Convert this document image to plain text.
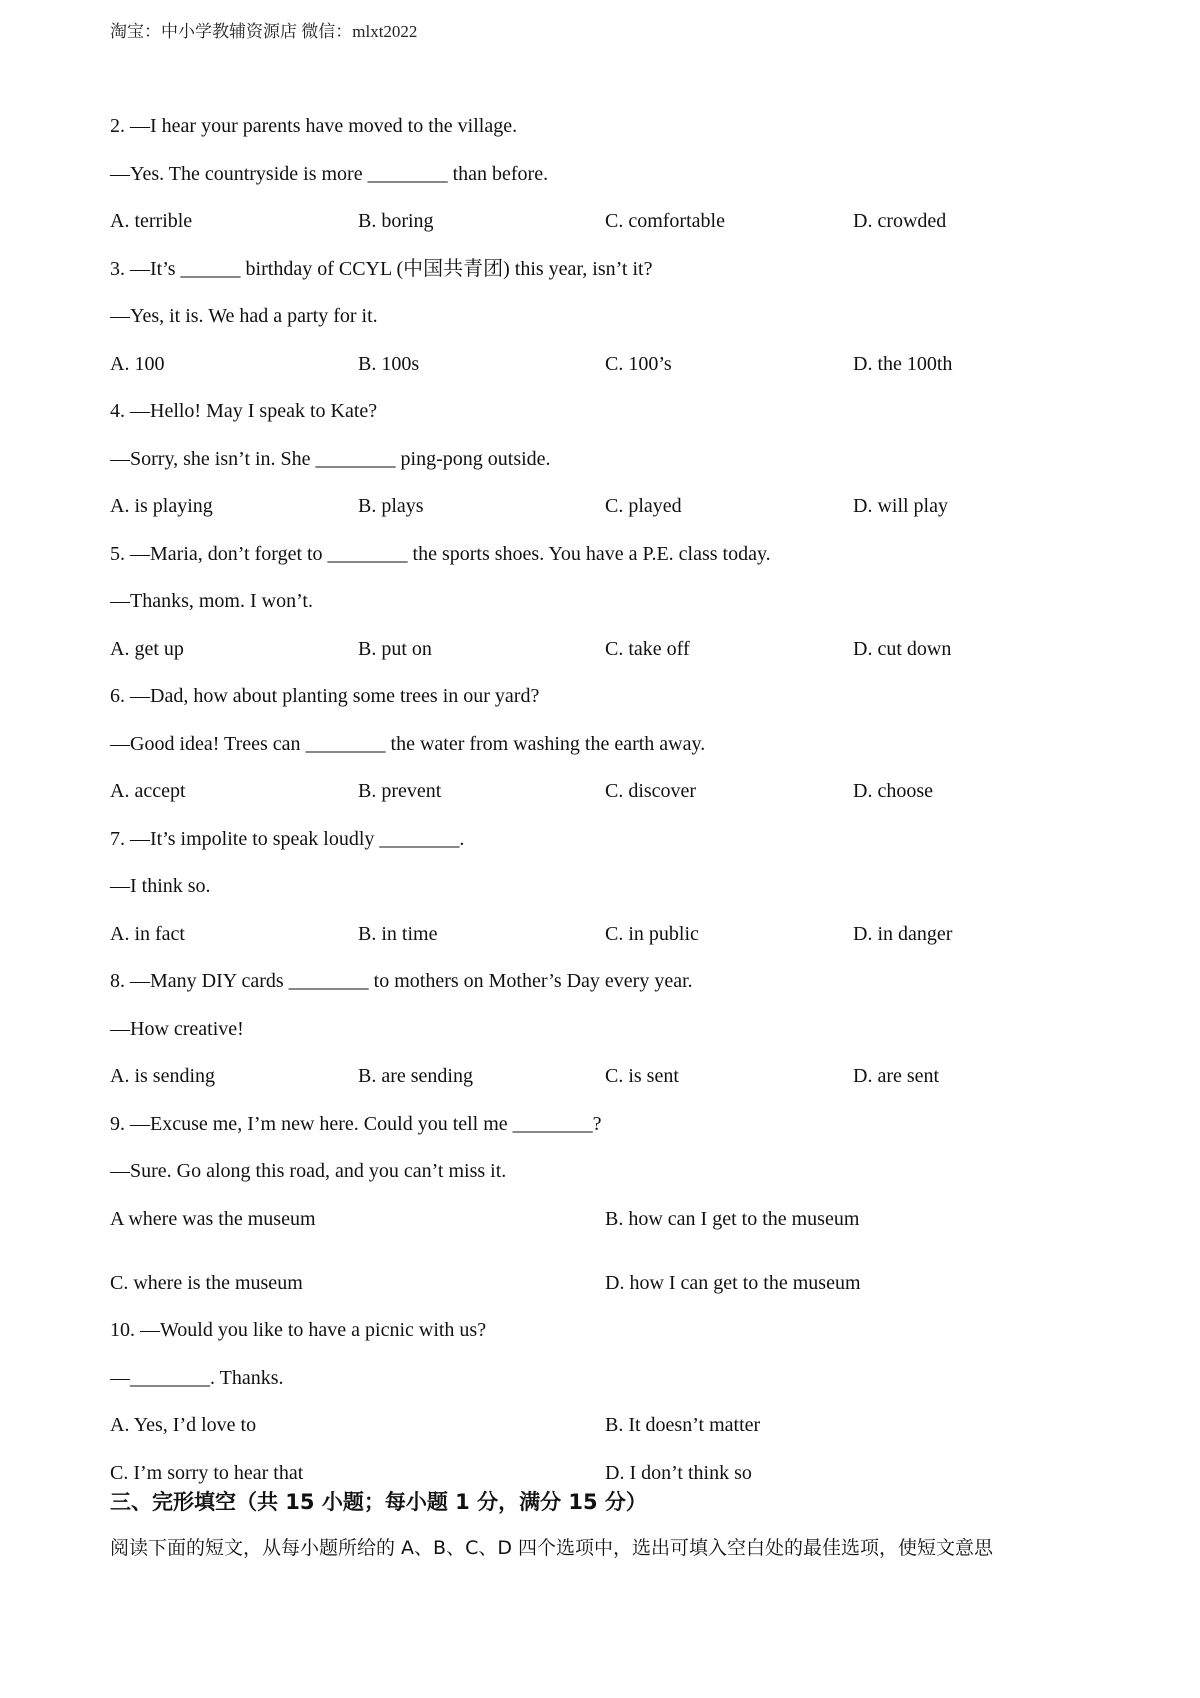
淘宝：中小学教辅资源店 微信：mlxt2022
2. —I hear your parents have moved to the village.
—Yes. The countryside is more ________ than before.
A. terrible	B. boring	C. comfortable	D. crowded
3. —It’s ______ birthday of CCYL (中国共青团) this year, isn’t it?
—Yes, it is. We had a party for it.
A. 100	B. 100s	C. 100’s	D. the 100th
4. —Hello! May I speak to Kate?
—Sorry, she isn’t in. She ________ ping-pong outside.
A. is playing	B. plays	C. played	D. will play
5. —Maria, don’t forget to ________ the sports shoes. You have a P.E. class today.
—Thanks, mom. I won’t.
A. get up	B. put on	C. take off	D. cut down
6. —Dad, how about planting some trees in our yard?
—Good idea! Trees can ________ the water from washing the earth away.
A. accept	B. prevent	C. discover	D. choose
7. —It’s impolite to speak loudly ________.
—I think so.
A. in fact	B. in time	C. in public	D. in danger
8. —Many DIY cards ________ to mothers on Mother’s Day every year.
—How creative!
A. is sending	B. are sending	C. is sent	D. are sent
9. —Excuse me, I’m new here. Could you tell me ________?
—Sure. Go along this road, and you can’t miss it.
A where was the museum	B. how can I get to the museum
C. where is the museum	D. how I can get to the museum
10. —Would you like to have a picnic with us?
—________. Thanks.
A. Yes, I’d love to	B. It doesn’t matter
C. I’m sorry to hear that	D. I don’t think so
三、完形填空（共 15 小题；每小题 1 分，满分 15 分）
阅读下面的短文，从每小题所给的 A、B、C、D 四个选项中，选出可填入空白处的最佳选项，使短文意思
